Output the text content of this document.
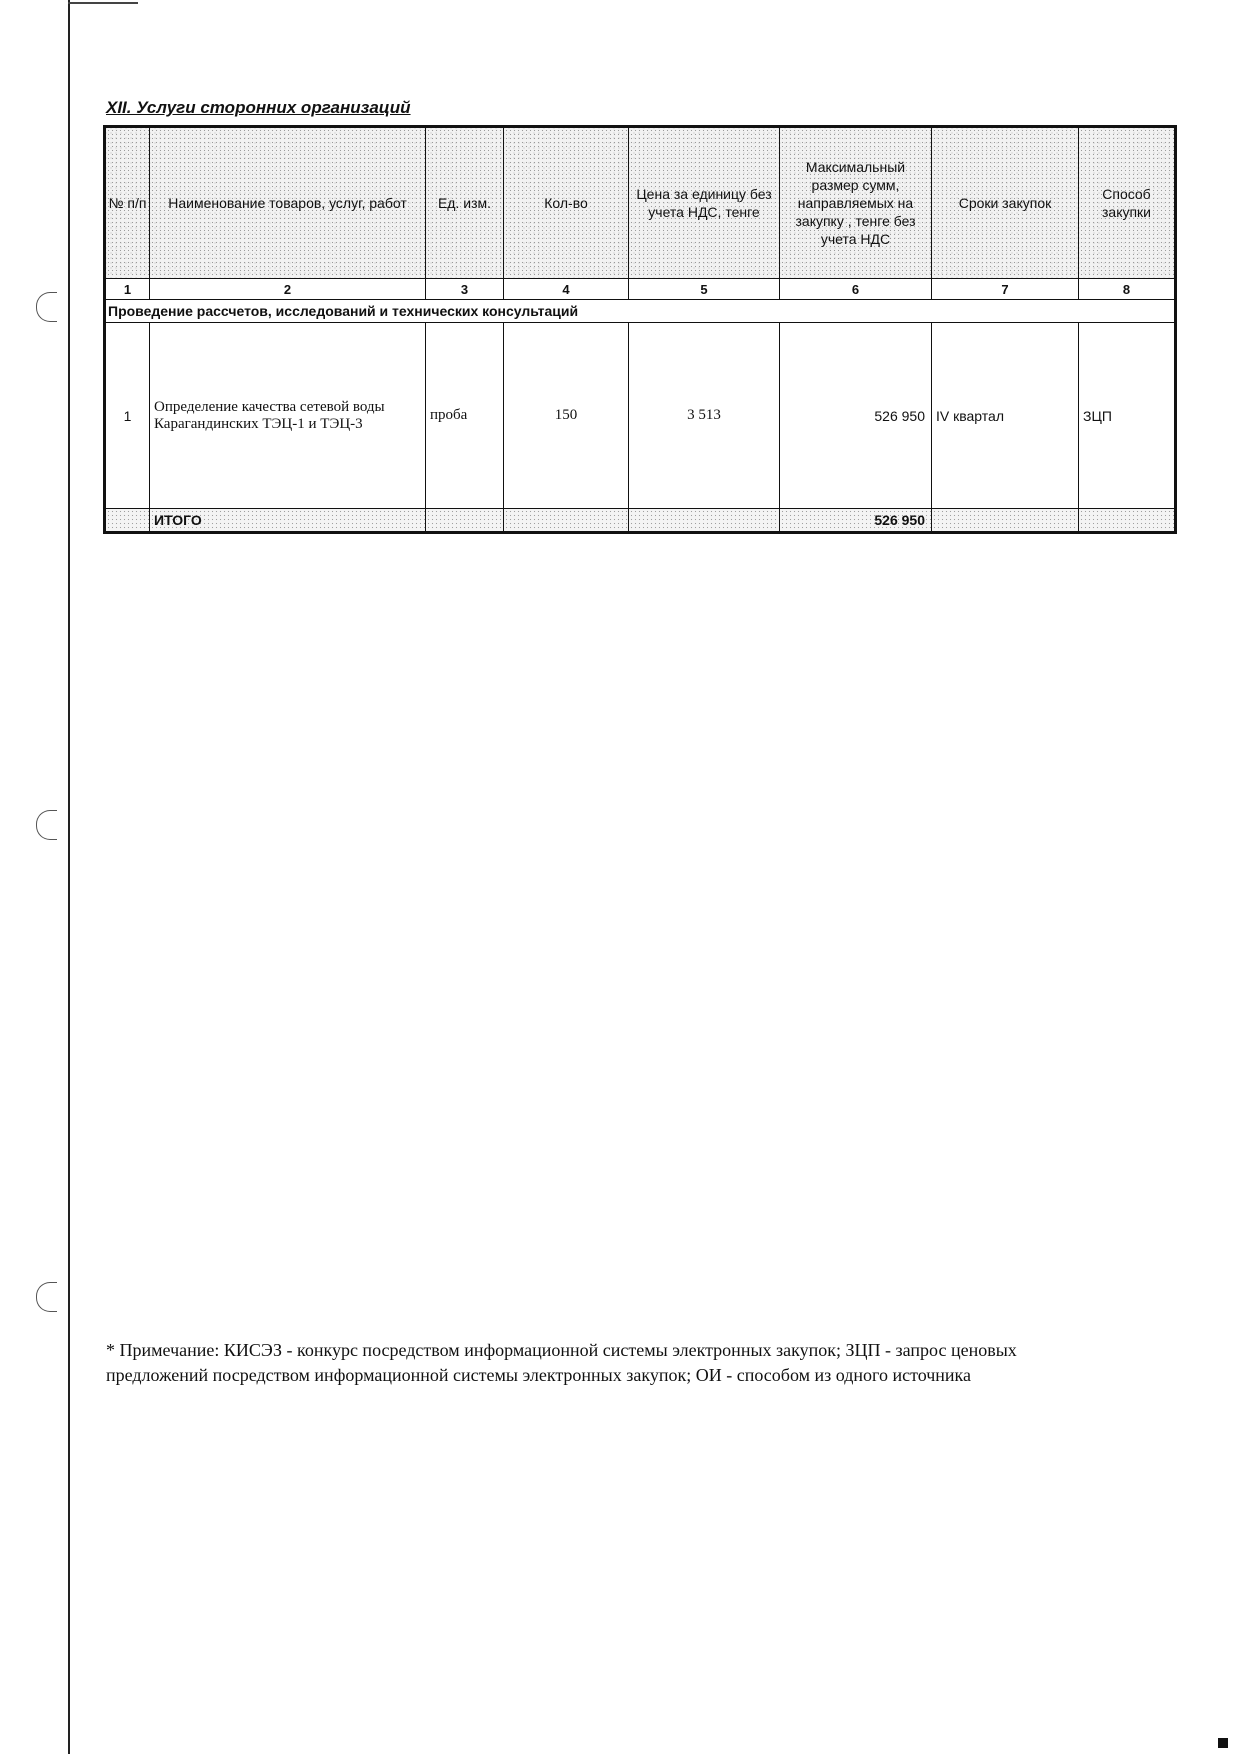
XII. Услуги сторонних организаций
№ п/п	Наименование товаров, услуг, работ	Ед. изм.	Кол-во	Цена за единицу без учета НДС, тенге	Максимальный размер сумм, направляемых на закупку , тенге без учета НДС	Сроки закупок	Способ закупки
1	2	3	4	5	6	7	8
Проведение рассчетов, исследований и технических консультаций							
1	Определение качества сетевой воды Карагандинских ТЭЦ-1 и ТЭЦ-3	проба	150	3 513	526 950	IV квартал	ЗЦП
	ИТОГО				526 950		

* Примечание: КИСЭЗ - конкурс посредством информационной системы электронных закупок; ЗЦП - запрос ценовых предложений посредством информационной системы электронных закупок; ОИ - способом из одного источника
